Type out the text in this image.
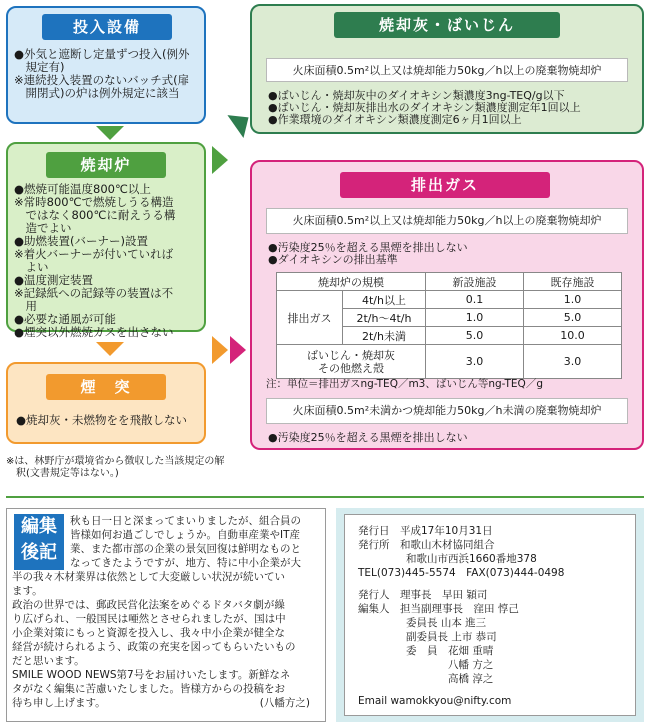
投入設備

●外気と遮断し定量ずつ投入(例外

　規定有)

※連続投入装置のないバッチ式(扉

　開閉式)の炉は例外規定に該当

焼却炉

●燃焼可能温度800℃以上

※常時800℃で燃焼しうる構造

　ではなく800℃に耐えうる構

　造でよい

●助燃装置(バーナー)設置

※着火バーナーが付いていれば

　よい

●温度測定装置

※記録紙への記録等の装置は不

　用

●必要な通風が可能

●煙突以外燃焼ガスを出さない

煙　突

●焼却灰・未燃物をを飛散しない

※は、林野庁が環境省から徴収した当該規定の解

　釈(文書規定等はない。)

焼却灰・ばいじん
火床面積0.5m²以上又は焼却能力50kg／h以上の廃棄物焼却炉

●ばいじん・焼却灰中のダイオキシン類濃度3ng-TEQ/g以下

●ばいじん・焼却灰排出水のダイオキシン類濃度測定年1回以上

●作業環境のダイオキシン類濃度測定6ヶ月1回以上

排出ガス
火床面積0.5m²以上又は焼却能力50kg／h以上の廃棄物焼却炉

●汚染度25％を超える黒煙を排出しない

●ダイオキシンの排出基準

焼却炉の規模		新設施設	既存施設
排出ガス	4t/h以上	0.1	1.0
	2t/h～4t/h	1.0	5.0
	2t/h未満	5.0	10.0
ばいじん・焼却灰
その他燃え殻		3.0	3.0
注：単位＝排出ガスng-TEQ／m3、ばいじん等ng-TEQ／g
火床面積0.5m²未満かつ焼却能力50kg／h未満の廃棄物焼却炉
●汚染度25％を超える黒煙を排出しない
編集
後記

秋も日一日と深まってまいりましたが、組合員の

皆様如何お過ごしでしょうか。自動車産業やIT産

業、また都市部の企業の景気回復は鮮明なものと

なってきたようですが、地方、特に中小企業が大

半の我々木材業界は依然として大変厳しい状況が続いてい

ます。

政治の世界では、郵政民営化法案をめぐるドタバタ劇が繰

り広げられ、一般国民は唖然とさせられましたが、国は中

小企業対策にもっと資源を投入し、我々中小企業が健全な

経営が続けられるよう、政策の充実を図ってもらいたいもの

だと思います。

SMILE WOOD NEWS第7号をお届けいたします。新鮮なネ

タがなく編集に苦慮いたしました。皆様方からの投稿をお

待ち申し上げます。	(八幡方之)

発行日　 平成17年10月31日

発行所　 和歌山木材協同組合

和歌山市西浜1660番地378

TEL(073)445-5574　FAX(073)444-0498

発行人　 理事長　早田 穎司

編集人　 担当副理事長　窪田 惇己

委員長 山本 進三

副委員長 上市 恭司

委　員　花畑 重晴

　　　　八幡 方之

　　　　高橋 淳之

Email wamokkyou@nifty.com
